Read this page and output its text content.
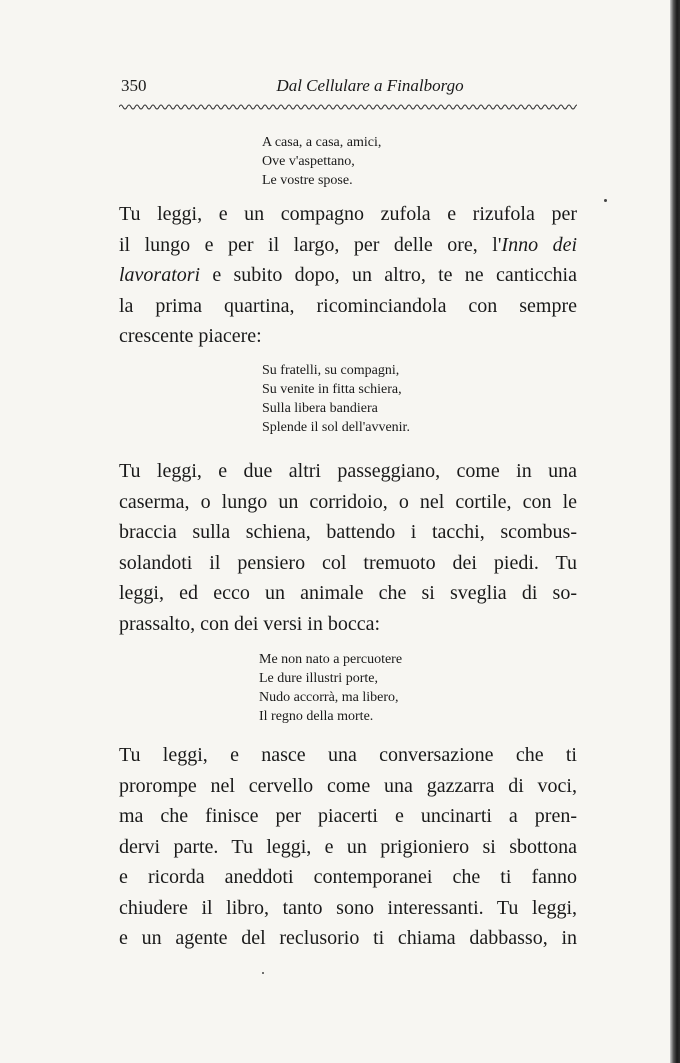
350	Dal Cellulare a Finalborgo
A casa, a casa, amici,
Ove v'aspettano,
Le vostre spose.
Tu leggi, e un compagno zufola e rizufola per
il lungo e per il largo, per delle ore, l'Inno dei
lavoratori e subito dopo, un altro, te ne canticchia
la prima quartina, ricominciandola con sempre
crescente piacere:
Su fratelli, su compagni,
Su venite in fitta schiera,
Sulla libera bandiera
Splende il sol dell'avvenir.
Tu leggi, e due altri passeggiano, come in una
caserma, o lungo un corridoio, o nel cortile, con le
braccia sulla schiena, battendo i tacchi, scombus-
solandoti il pensiero col tremuoto dei piedi. Tu
leggi, ed ecco un animale che si sveglia di so-
prassalto, con dei versi in bocca:
Me non nato a percuotere
Le dure illustri porte,
Nudo accorrà, ma libero,
Il regno della morte.
Tu leggi, e nasce una conversazione che ti
prorompe nel cervello come una gazzarra di voci,
ma che finisce per piacerti e uncinarti a pren-
dervi parte. Tu leggi, e un prigioniero si sbottona
e ricorda aneddoti contemporanei che ti fanno
chiudere il libro, tanto sono interessanti. Tu leggi,
e un agente del reclusorio ti chiama dabbasso, in
